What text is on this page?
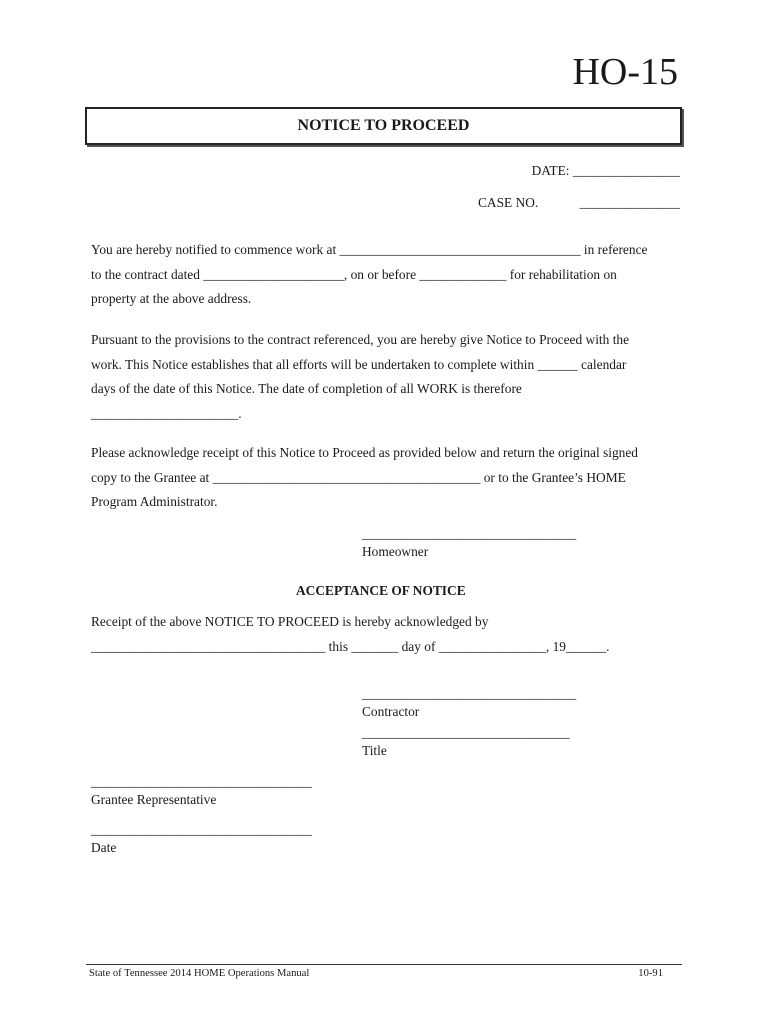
HO-15
NOTICE TO PROCEED
DATE: ________________
CASE NO.	_______________
You are hereby notified to commence work at ____________________________________ in reference
to the contract dated _____________________, on or before _____________ for rehabilitation on
property at the above address.
Pursuant to the provisions to the contract referenced, you are hereby give Notice to Proceed with the
work. This Notice establishes that all efforts will be undertaken to complete within ______ calendar
days of the date of this Notice. The date of completion of all WORK is therefore
______________________.
Please acknowledge receipt of this Notice to Proceed as provided below and return the original signed
copy to the Grantee at ________________________________________ or to the Grantee’s HOME
Program Administrator.
________________________________
Homeowner
ACCEPTANCE OF NOTICE
Receipt of the above NOTICE TO PROCEED is hereby acknowledged by
___________________________________ this _______ day of ________________, 19______.
________________________________
Contractor
_______________________________
Title
_________________________________
Grantee Representative
_________________________________
Date
State of Tennessee 2014 HOME Operations Manual	10-91
